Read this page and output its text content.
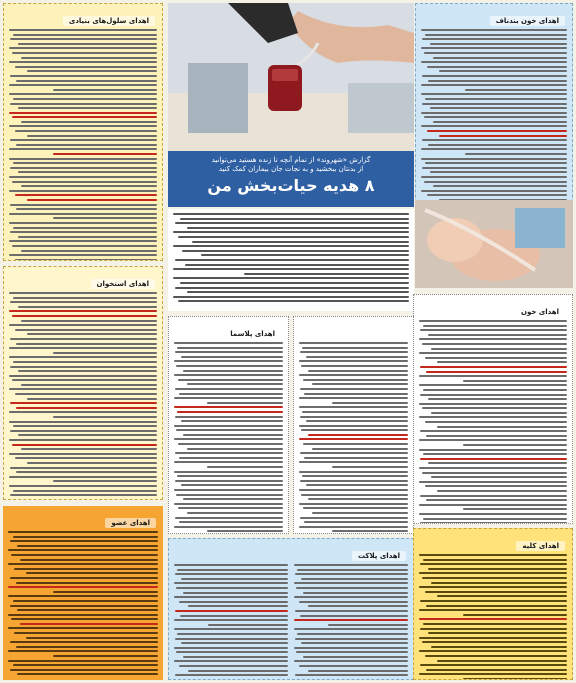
اهدای خون بندناف
اهدای سلول‌های بنیادی
گزارش «شهروند» از تمام آنچه تا زنده هستید می‌توانید
از بدنتان ببخشید و به نجات جان بیماران کمک کنید
۸ هدیه حیات‌بخش من
اهدای خون
اهدای استخوان
اهدای پلاسما
اهدای عضو
اهدای پلاکت
اهدای کلیه
